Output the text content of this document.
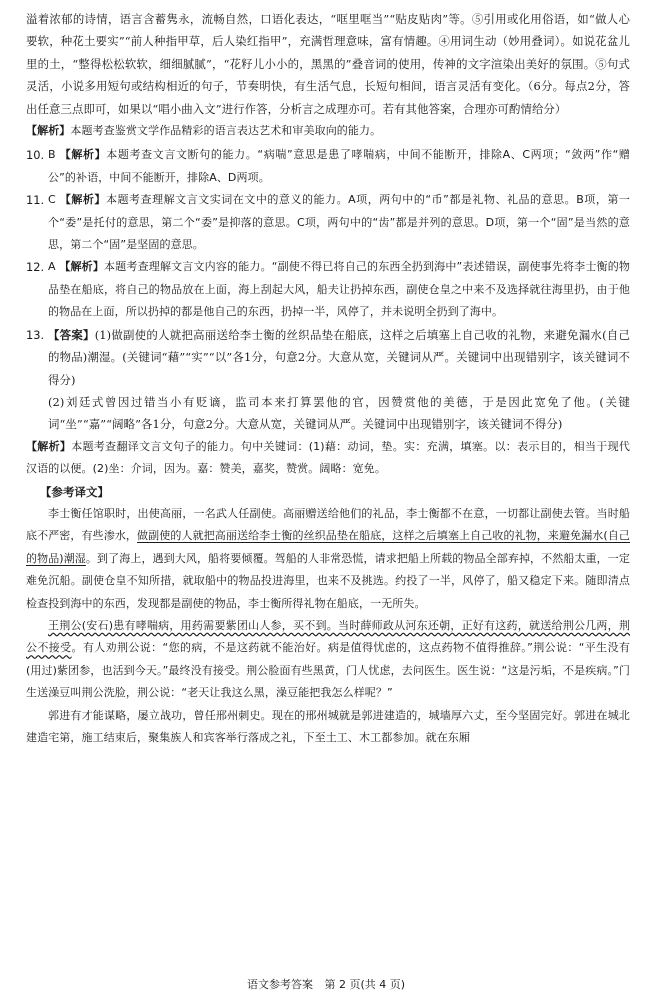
溢着浓郁的诗情，语言含蓄隽永，流畅自然，口语化表达，“哐里哐当”“贴皮贴肉”等。⑤引用或化用俗语，如“做人心要软，种花土要实”“前人种指甲草，后人染红指甲”，充满哲理意味，富有情趣。④用词生动（妙用叠词）。如说花盆儿里的土，“整得松松软软，细细腻腻”，“花籽儿小小的，黑黑的”叠音词的使用，传神的文字渲染出美好的氛围。⑤句式灵活，小说多用短句或结构相近的句子，节奏明快，有生活气息，长短句相间，语言灵活有变化。（6分。每点2分，答出任意三点即可，如果以“唱小曲入文”进行作答，分析言之成理亦可。若有其他答案，合理亦可酌情给分）

【解析】本题考查鉴赏文学作品精彩的语言表达艺术和审美取向的能力。

10. B 【解析】本题考查文言文断句的能力。“病喘”意思是患了哮喘病，中间不能断开，排除A、C两项；“敛两”作“赠公”的补语，中间不能断开，排除A、D两项。

11. C 【解析】本题考查理解文言文实词在文中的意义的能力。A项，两句中的“币”都是礼物、礼品的意思。B项，第一个“委”是托付的意思，第二个“委”是抑落的意思。C项，两句中的“齿”都是并列的意思。D项，第一个“固”是当然的意思，第二个“固”是坚固的意思。

12. A 【解析】本题考查理解文言文内容的能力。“副使不得已将自己的东西全扔到海中”表述错误，副使事先将李士衡的物品垫在船底，将自己的物品放在上面，海上刮起大风，船夫让扔掉东西，副使仓皇之中来不及选择就往海里扔，由于他的物品在上面，所以扔掉的都是他自己的东西，扔掉一半，风停了，并未说明全扔到了海中。

13. 【答案】(1)做副使的人就把高丽送给李士衡的丝织品垫在船底，这样之后填塞上自己收的礼物，来避免漏水(自己的物品)潮湿。(关键词“藉”“实”“以”各1分，句意2分。大意从宽，关键词从严。关键词中出现错别字，该关键词不得分)

(2)刘廷式曾因过错当小有贬谪，监司本来打算罢他的官，因赞赏他的美德，于是因此宽免了他。(关键词“坐”“嘉”“阔略”各1分，句意2分。大意从宽，关键词从严。关键词中出现错别字，该关键词不得分)

【解析】本题考查翻译文言文句子的能力。句中关键词：(1)藉：动词，垫。实：充满，填塞。以：表示目的，相当于现代汉语的以便。(2)坐：介词，因为。嘉：赞美，嘉奖，赞赏。阔略：宽免。

【参考译文】

李士衡任馆职时，出使高丽，一名武人任副使。高丽赠送给他们的礼品，李士衡都不在意，一切都让副使去管。当时船底不严密，有些渗水，做副使的人就把高丽送给李士衡的丝织品垫在船底，这样之后填塞上自己收的礼物，来避免漏水(自己的物品)潮湿。到了海上，遇到大风，船将要倾覆。驾船的人非常恐慌，请求把船上所载的物品全部弃掉，不然船太重，一定难免沉船。副使仓皇不知所措，就取船中的物品投进海里，也来不及挑选。约投了一半，风停了，船又稳定下来。随即清点检查投到海中的东西，发现都是副使的物品，李士衡所得礼物在船底，一无所失。

王荆公(安石)患有哮喘病，用药需要紫团山人参，买不到。当时薛师政从河东还朝，正好有这药，就送给荆公几两，荆公不接受。有人劝荆公说：“您的病，不是这药就不能治好。病是值得忧虑的，这点药物不值得推辞。”荆公说：“平生没有(用过)紫团参，也活到今天。”最终没有接受。荆公脸面有些黑黄，门人忧虑，去问医生。医生说：“这是污垢，不是疾病。”门生送澡豆叫荆公洗脸，荆公说：“老天让我这么黑，澡豆能把我怎么样呢？”

郭进有才能谋略，屡立战功，曾任邢州刺史。现在的邢州城就是郭进建造的，城墙厚六丈，至今坚固完好。郭进在城北建造宅第，施工结束后，聚集族人和宾客举行落成之礼，下至土工、木工都参加。就在东厢

语文参考答案 第 2 页(共 4 页)
